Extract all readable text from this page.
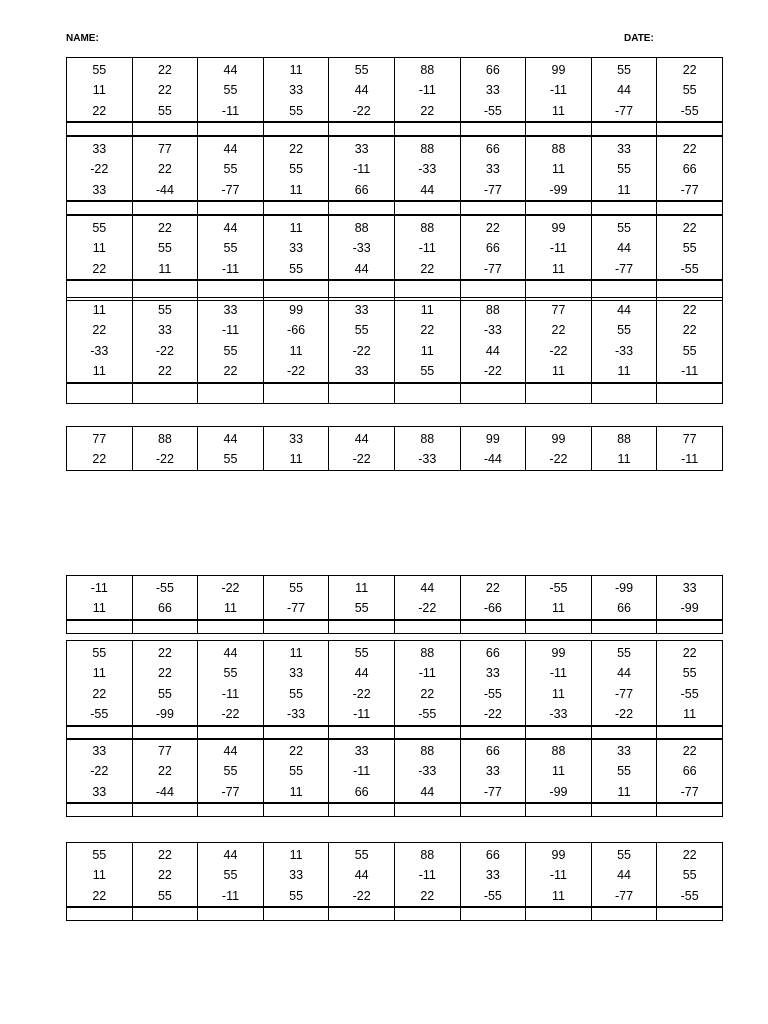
NAME:	DATE:
55
11
22
22
22
55
44
55
-11
11
33
55
55
44
-22
88
-11
22
66
33
-55
99
-11
11
55
44
-77
22
55
-55
33
-22
33
77
22
-44
44
55
-77
22
55
11
33
-11
66
88
-33
44
66
33
-77
88
11
-99
33
55
11
22
66
-77
55
11
22
22
55
11
44
55
-11
11
33
55
88
-33
44
88
-11
22
22
66
-77
99
-11
11
55
44
-77
22
55
-55
11
22
-33
11
55
33
-22
22
33
-11
55
22
99
-66
11
-22
33
55
-22
33
11
22
11
55
88
-33
44
-22
77
22
-22
11
44
55
-33
11
22
22
55
-11
77
22
88
-22
44
55
33
11
44
-22
88
-33
99
-44
99
-22
88
11
77
-11
-11
11
-55
66
-22
11
55
-77
11
55
44
-22
22
-66
-55
11
-99
66
33
-99
55
11
22
-55
22
22
55
-99
44
55
-11
-22
11
33
55
-33
55
44
-22
-11
88
-11
22
-55
66
33
-55
-22
99
-11
11
-33
55
44
-77
-22
22
55
-55
11
33
-22
33
77
22
-44
44
55
-77
22
55
11
33
-11
66
88
-33
44
66
33
-77
88
11
-99
33
55
11
22
66
-77
55
11
22
22
22
55
44
55
-11
11
33
55
55
44
-22
88
-11
22
66
33
-55
99
-11
11
55
44
-77
22
55
-55
